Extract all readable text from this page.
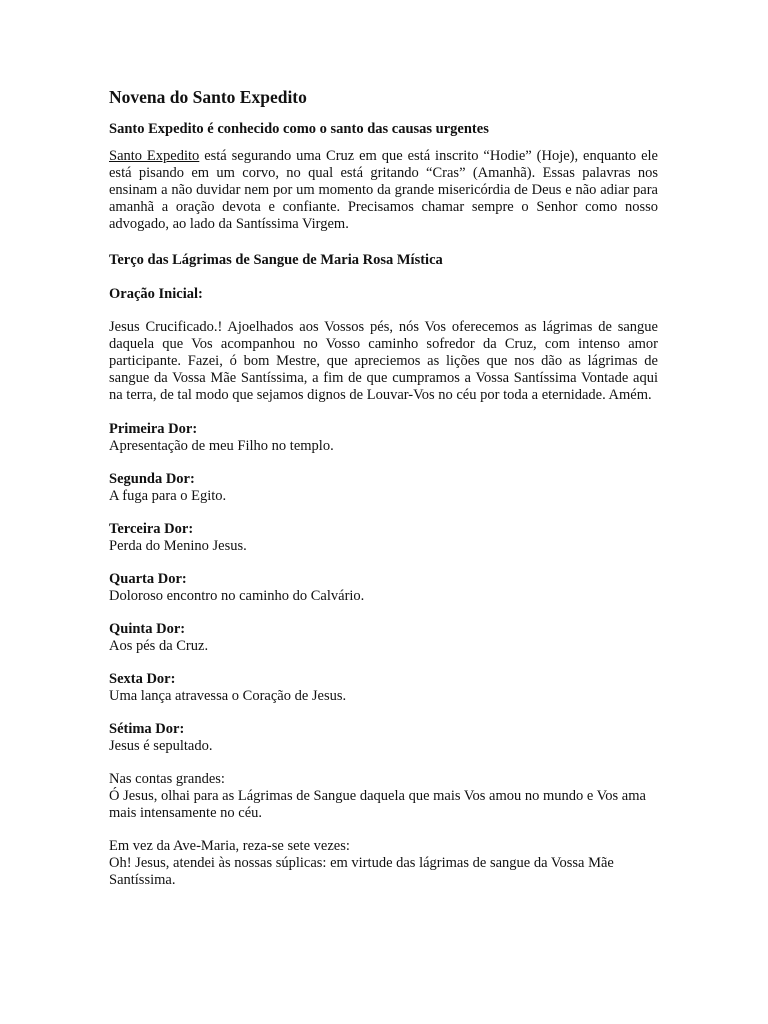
Novena do Santo Expedito
Santo Expedito é conhecido como o santo das causas urgentes

Santo Expedito está segurando uma Cruz em que está inscrito “Hodie” (Hoje), enquanto ele está pisando em um corvo, no qual está gritando “Cras” (Amanhã). Essas palavras nos ensinam a não duvidar nem por um momento da grande misericórdia de Deus e não adiar para amanhã a oração devota e confiante. Precisamos chamar sempre o Senhor como nosso advogado, ao lado da Santíssima Virgem.

Terço das Lágrimas de Sangue de Maria Rosa Mística
Oração Inicial:

Jesus Crucificado.! Ajoelhados aos Vossos pés, nós Vos oferecemos as lágrimas de sangue daquela que Vos acompanhou no Vosso caminho sofredor da Cruz, com intenso amor participante. Fazei, ó bom Mestre, que apreciemos as lições que nos dão as lágrimas de sangue da Vossa Mãe Santíssima, a fim de que cumpramos a Vossa Santíssima Vontade aqui na terra, de tal modo que sejamos dignos de Louvar-Vos no céu por toda a eternidade. Amém.

Primeira Dor:
Apresentação de meu Filho no templo.
Segunda Dor:
A fuga para o Egito.
Terceira Dor:
Perda do Menino Jesus.
Quarta Dor:
Doloroso encontro no caminho do Calvário.
Quinta Dor:
Aos pés da Cruz.
Sexta Dor:
Uma lança atravessa o Coração de Jesus.
Sétima Dor:
Jesus é sepultado.
Nas contas grandes:
Ó Jesus, olhai para as Lágrimas de Sangue daquela que mais Vos amou no mundo e Vos ama mais intensamente no céu.
Em vez da Ave-Maria, reza-se sete vezes:
Oh! Jesus, atendei às nossas súplicas: em virtude das lágrimas de sangue da Vossa Mãe Santíssima.
